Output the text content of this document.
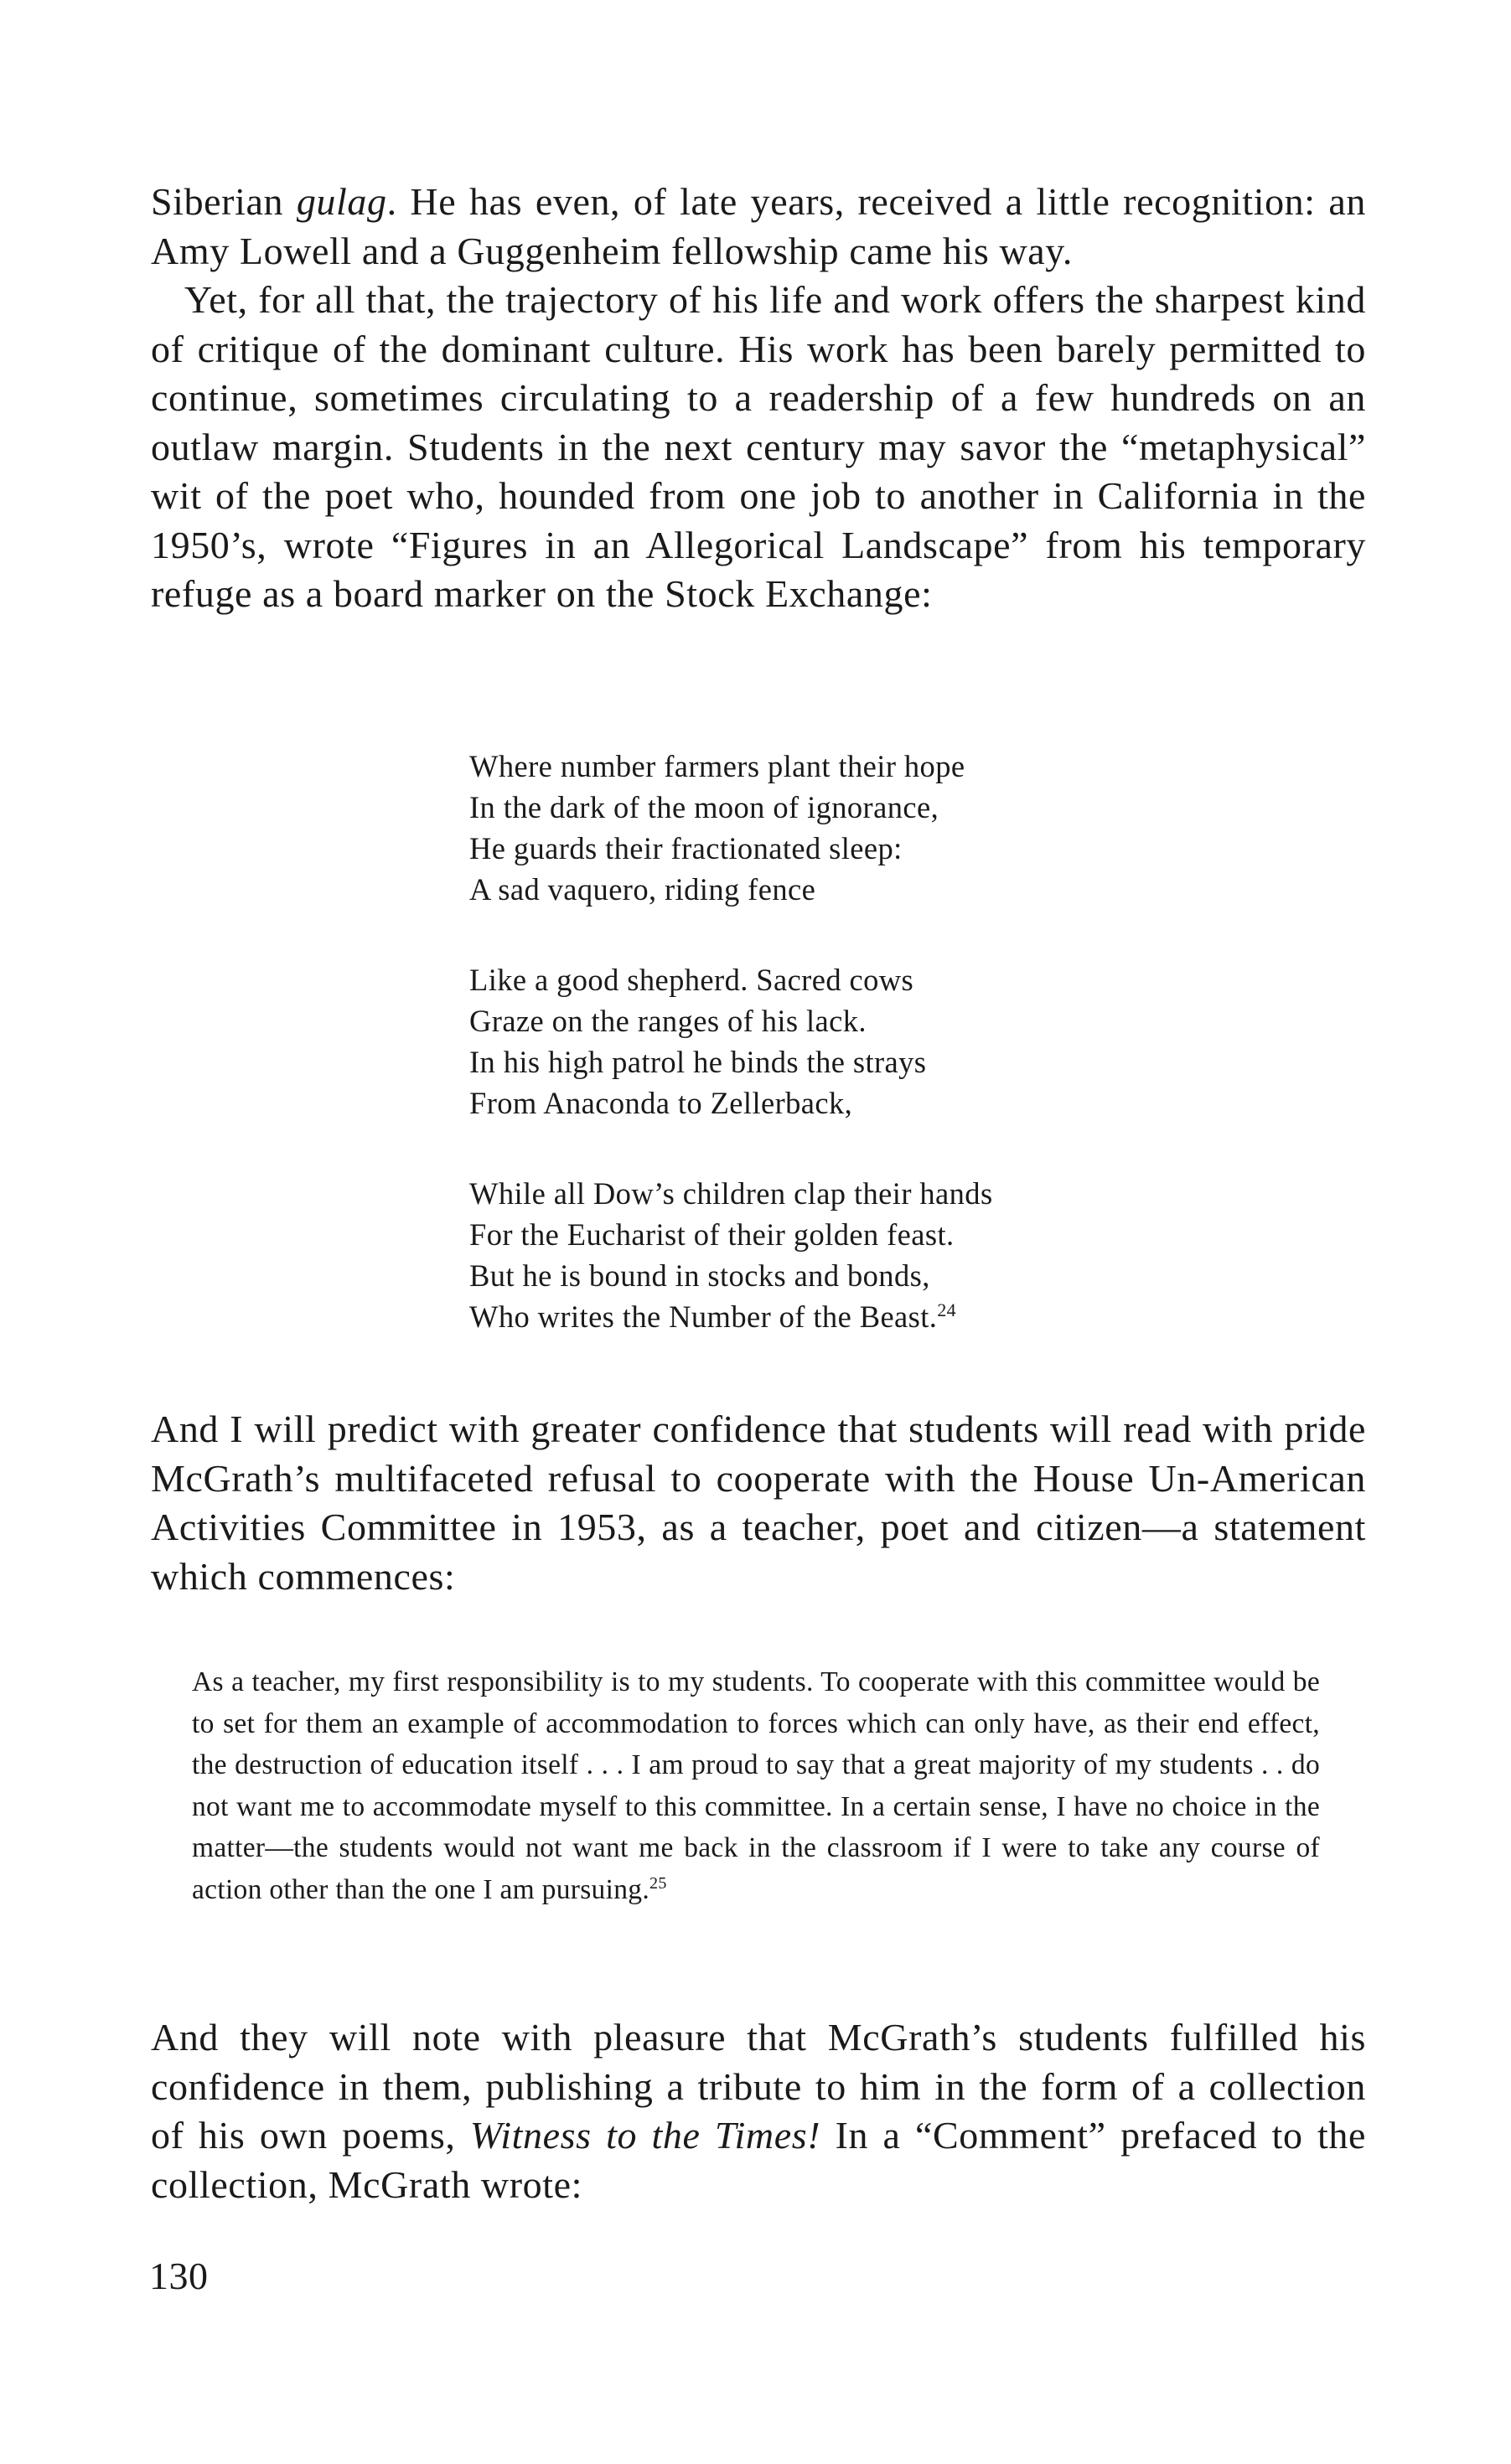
Siberian gulag. He has even, of late years, received a little recognition: an Amy Lowell and a Guggenheim fellowship came his way.

Yet, for all that, the trajectory of his life and work offers the sharpest kind of critique of the dominant culture. His work has been barely permitted to continue, sometimes circulating to a readership of a few hundreds on an outlaw margin. Students in the next century may savor the “metaphysical” wit of the poet who, hounded from one job to another in California in the 1950’s, wrote “Figures in an Allegorical Landscape” from his temporary refuge as a board marker on the Stock Exchange:

Where number farmers plant their hope
In the dark of the moon of ignorance,
He guards their fractionated sleep:
A sad vaquero, riding fence
Like a good shepherd. Sacred cows
Graze on the ranges of his lack.
In his high patrol he binds the strays
From Anaconda to Zellerback,
While all Dow’s children clap their hands
For the Eucharist of their golden feast.
But he is bound in stocks and bonds,
Who writes the Number of the Beast.$^{24}$

And I will predict with greater confidence that students will read with pride McGrath’s multifaceted refusal to cooperate with the House Un-American Activities Committee in 1953, as a teacher, poet and citizen—a statement which commences:

As a teacher, my first responsibility is to my students. To cooperate with this committee would be to set for them an example of accommodation to forces which can only have, as their end effect, the destruction of education itself . . . I am proud to say that a great majority of my students . . do not want me to accommodate myself to this committee. In a certain sense, I have no choice in the matter—the students would not want me back in the classroom if I were to take any course of action other than the one I am pursuing.$^{25}$

And they will note with pleasure that McGrath’s students fulfilled his confidence in them, publishing a tribute to him in the form of a collection of his own poems, Witness to the Times! In a “Comment” prefaced to the collection, McGrath wrote:

130
